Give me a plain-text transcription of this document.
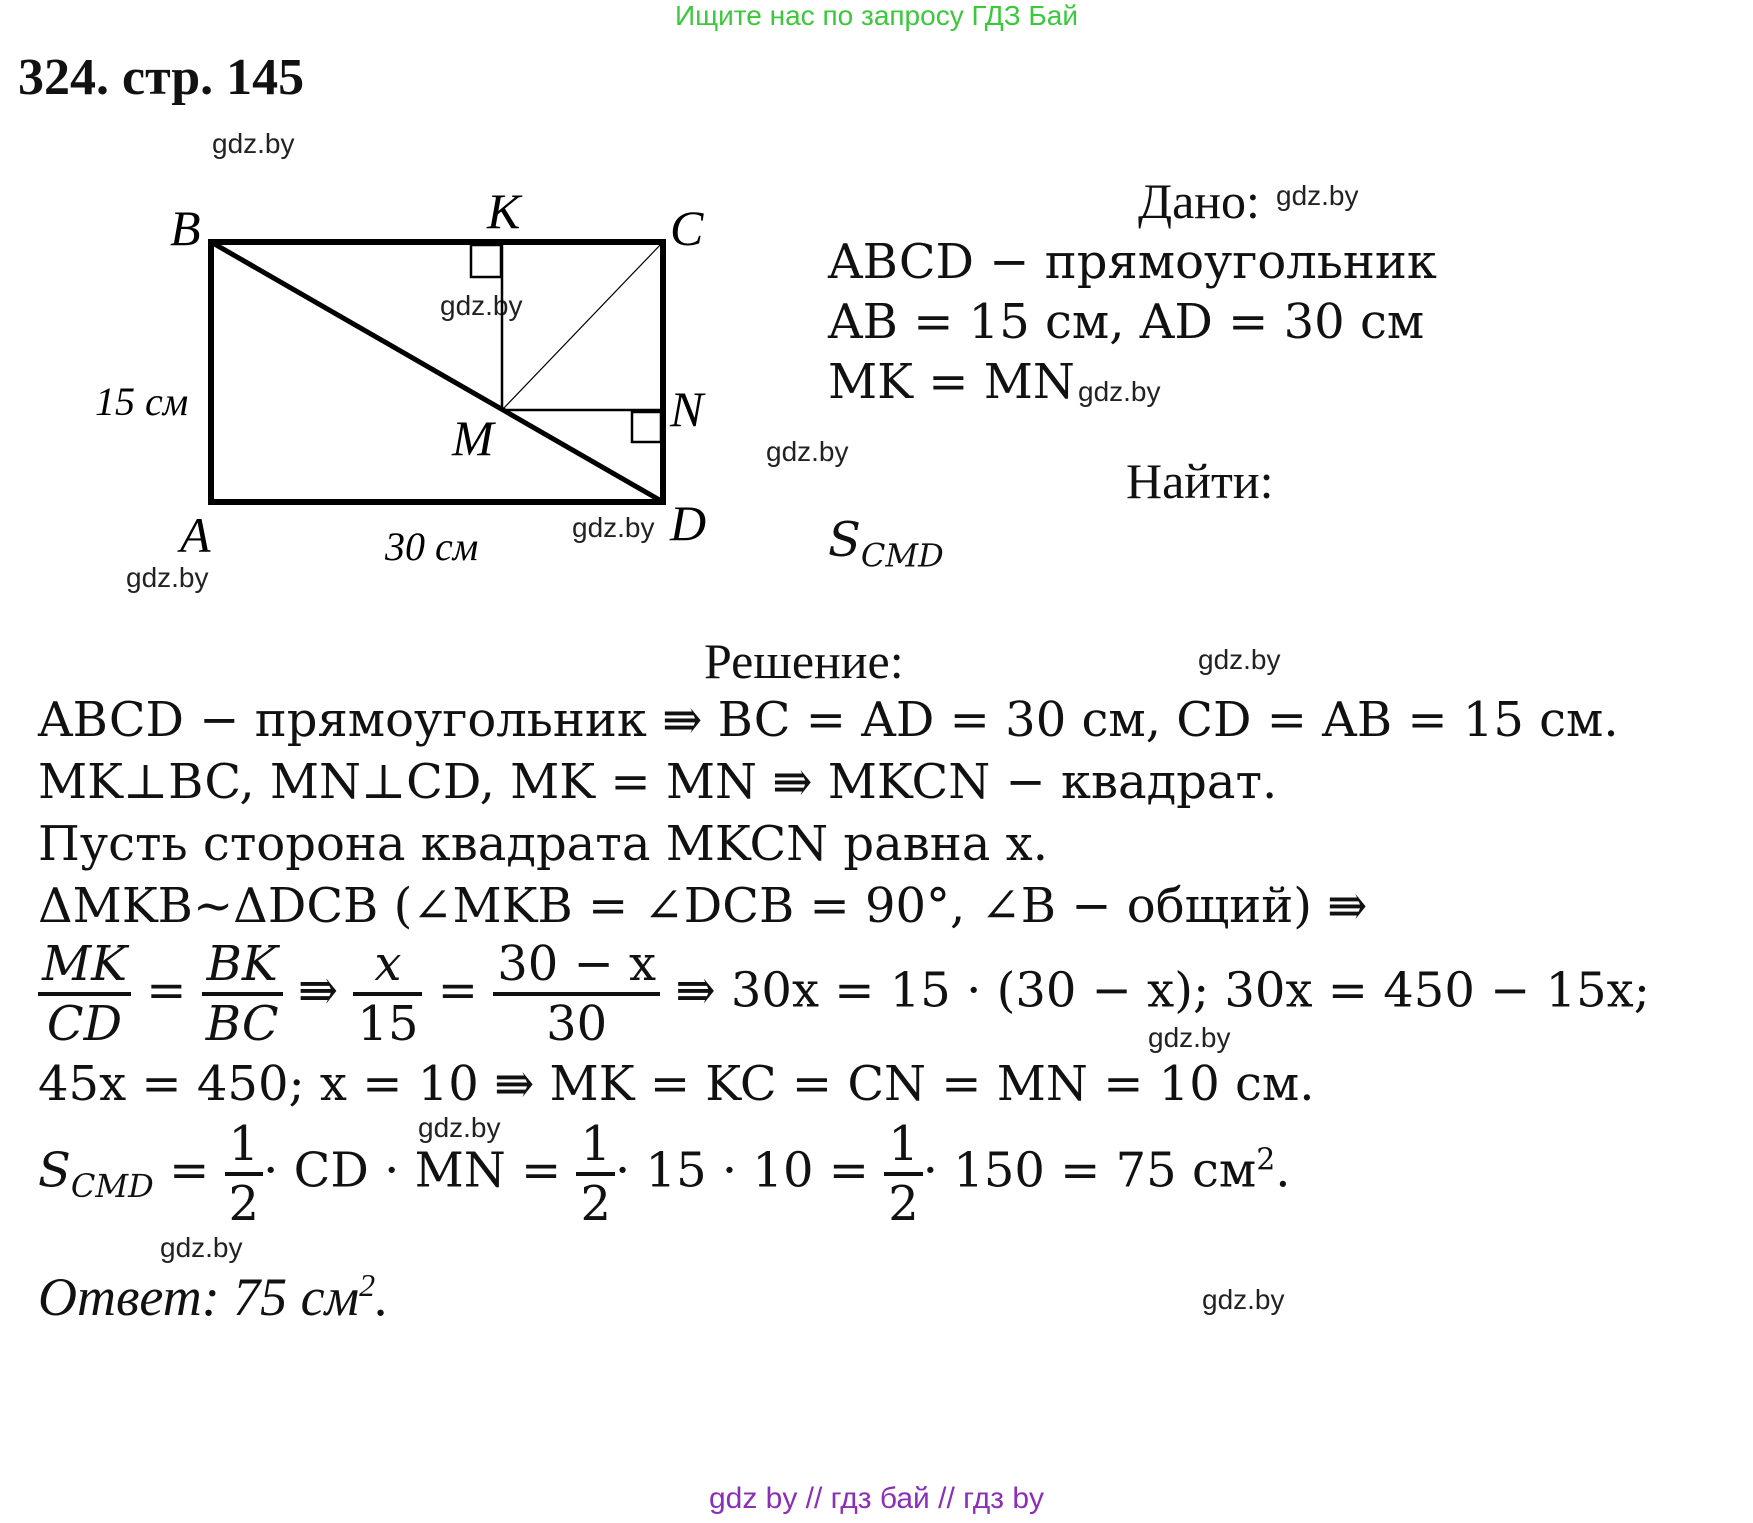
Ищите нас по запросу ГДЗ Бай
324. стр. 145
gdz.by
gdz.by
gdz.by
gdz.by
gdz.by
gdz.by
gdz.by
gdz.by
gdz.by
gdz.by
gdz.by
gdz.by
B	K	C
N
M
A	D
15 см
30 см
Дано:
ABCD − прямоугольник
AB = 15 см, AD = 30 см
MK = MN
Найти:
$S_{CMD}$
Решение:
ABCD − прямоугольник ⇛ BC = AD = 30 см, CD = AB = 15 см.
MK⊥BC, MN⊥CD, MK = MN ⇛ MKCN − квадрат.
Пусть сторона квадрата MKCN равна x.
ΔMKB~ΔDCB (∠MKB = ∠DCB = 90°, ∠B − общий) ⇛
$\frac{MK}{CD} = \frac{BK}{BC}$ ⇛ $\frac{x}{15} = \frac{30 - x}{30}$ ⇛ 30x = 15 · (30 − x); 30x = 450 − 15x;
45x = 450; x = 10 ⇛ MK = KC = CN = MN = 10 см.
$S_{CMD} = \frac{1}{2}$ · CD · MN = $\frac{1}{2} \cdot 15 \cdot 10 = \frac{1}{2} \cdot 150 = 75$ $см^2$.
Ответ: 75 $см^2$.
gdz by // гдз бай // гдз by
